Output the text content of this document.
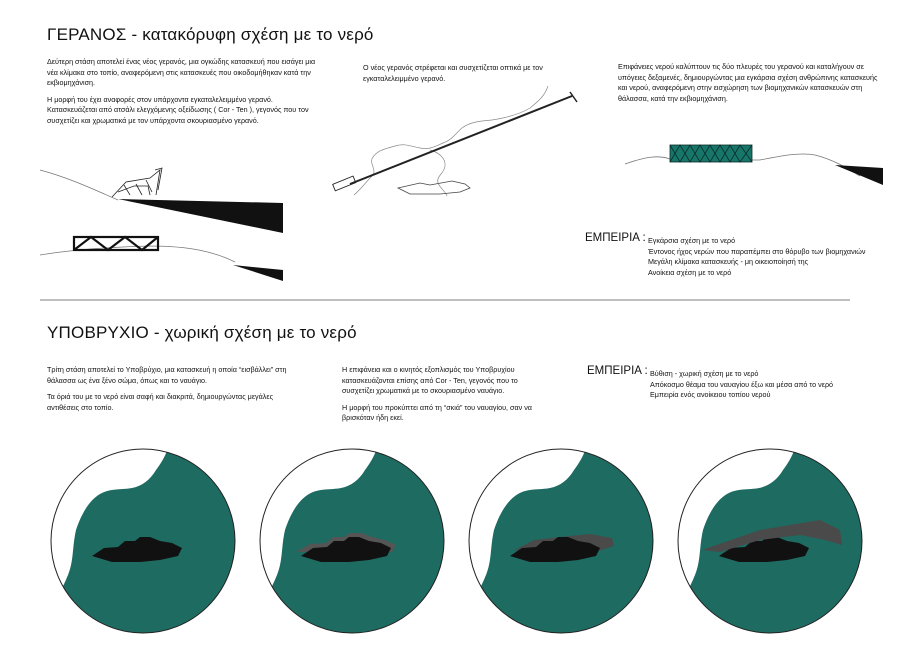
ΓΕΡΑΝΟΣ - κατακόρυφη σχέση με το νερό

Δεύτερη στάση αποτελεί ένας νέος γερανός, μια ογκώδης κατασκευή που εισάγει μια νέα κλίμακα στο τοπίο, αναφερόμενη στις κατασκευές που οικοδομήθηκαν κατά την εκβιομηχάνιση.

Η μορφή του έχει αναφορές στον υπάρχοντα εγκαταλελειμμένο γερανό. Κατασκευάζεται από ατσάλι ελεγχόμενης οξείδωσης ( Cor - Ten ), γεγονός που τον συσχετίζει και χρωματικά με τον υπάρχοντα σκουριασμένο γερανό.

Ο νέος γερανός στρέφεται και συσχετίζεται οπτικά με τον εγκαταλελειμμένο γερανό.
Επιφάνειες νερού καλύπτουν τις δύο πλευρές του γερανού και καταλήγουν σε υπόγειες δεξαμενές, δημιουργώντας μια εγκάρσια σχέση ανθρώπινης κατασκευής και νερού, αναφερόμενη στην εισχώρηση των βιομηχανικών κατασκευών στη θάλασσα, κατά την εκβιομηχάνιση.
ΕΜΠΕΙΡΙΑ : Εγκάρσια σχέση με το νερό
Έντονος ήχος νερών που παραπέμπει στο θόρυβο των βιομηχανιών
Μεγάλη κλίμακα κατασκευής - μη οικειοποίησή της
Ανοίκεια σχέση με το νερό
ΥΠΟΒΡΥΧΙΟ - χωρική σχέση με το νερό

Τρίτη στάση αποτελεί το Υποβρύχιο, μια κατασκευή η οποία “εισβάλλει” στη θάλασσα ως ένα ξένο σώμα, όπως και το ναυάγιο.

Τα όριά του με το νερό είναι σαφή και διακριτά, δημιουργώντας μεγάλες αντιθέσεις στο τοπίο.

Η επιφάνεια και ο κινητός εξοπλισμός του Υποβρυχίου κατασκευάζονται επίσης από Cor - Ten, γεγονός που το συσχετίζει χρωματικά με το σκουριασμένο ναυάγιο.

Η μορφή του προκύπτει από τη “σκιά” του ναυαγίου, σαν να βρισκόταν ήδη εκεί.

ΕΜΠΕΙΡΙΑ : Βύθιση - χωρική σχέση με το νερό
Απόκοσμο θέαμα του ναυαγίου έξω και μέσα από το νερό
Εμπειρία ενός ανοίκειου τοπίου νερού
